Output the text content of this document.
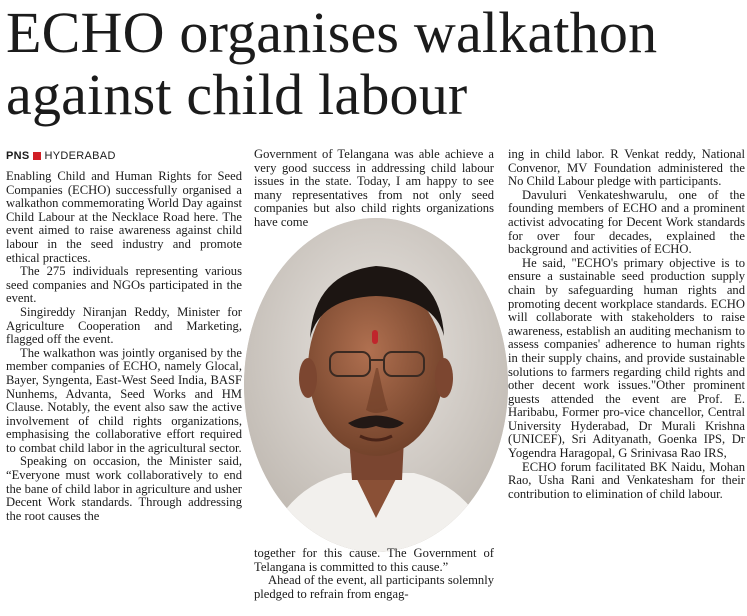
ECHO organises walkathon against child labour
PNS HYDERABAD

Enabling Child and Human Rights for Seed Companies (ECHO) successfully organised a walkathon commemorating World Day against Child Labour at the Necklace Road here. The event aimed to raise awareness against child labour in the seed industry and promote ethical practices.

The 275 individuals representing various seed companies and NGOs participated in the event.

Singireddy Niranjan Reddy, Minister for Agriculture Cooperation and Marketing, flagged off the event.

The walkathon was jointly organised by the member companies of ECHO, namely Glocal, Bayer, Syngenta, East-West Seed India, BASF Nunhems, Advanta, Seed Works and HM Clause. Notably, the event also saw the active involvement of child rights organizations, emphasising the collaborative effort required to combat child labor in the agricultural sector.

Speaking on occasion, the Minister said, “Everyone must work collaboratively to end the bane of child labor in agriculture and usher Decent Work standards. Through addressing the root causes the

Government of Telangana was able achieve a very good success in addressing child labour issues in the state. Today, I am happy to see many representatives from not only seed companies but also child rights organizations have come

together for this cause. The Government of Telangana is committed to this cause.”

Ahead of the event, all participants solemnly pledged to refrain from engag-

ing in child labor. R Venkat reddy, National Convenor, MV Foundation administered the No Child Labour pledge with participants.

Davuluri Venkateshwarulu, one of the founding members of ECHO and a prominent activist advocating for Decent Work standards for over four decades, explained the background and activities of ECHO.

He said, "ECHO's primary objective is to ensure a sustainable seed production supply chain by safeguarding human rights and promoting decent workplace standards. ECHO will collaborate with stakeholders to raise awareness, establish an auditing mechanism to assess companies' adherence to human rights in their supply chains, and provide sustainable solutions to farmers regarding child rights and other decent work issues."Other prominent guests attended the event are Prof. E. Haribabu, Former pro-vice chancellor, Central University Hyderabad, Dr Murali Krishna (UNICEF), Sri Adityanath, Goenka IPS, Dr Yogendra Haragopal, G Srinivasa Rao IRS,

ECHO forum facilitated BK Naidu, Mohan Rao, Usha Rani and Venkatesham for their contribution to elimination of child labour.
